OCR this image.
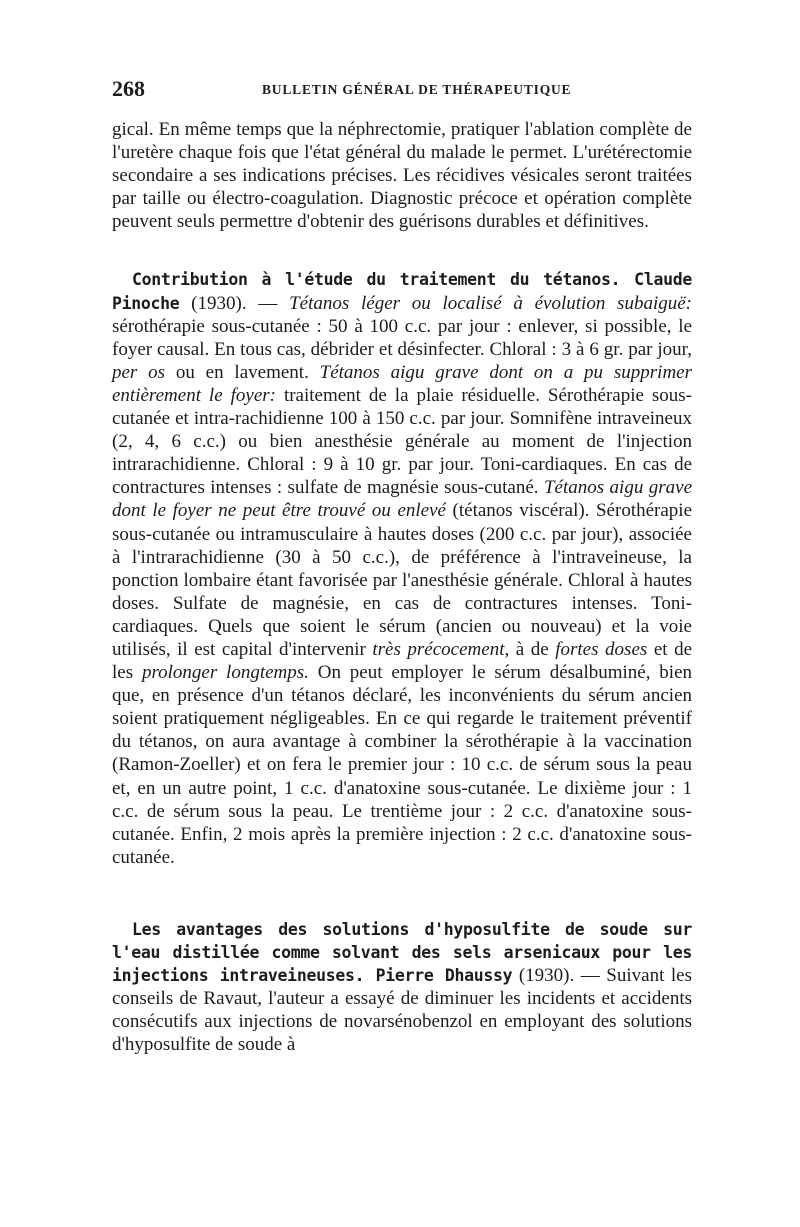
268	BULLETIN GÉNÉRAL DE THÉRAPEUTIQUE

gical. En même temps que la néphrectomie, pratiquer l'ablation complète de l'uretère chaque fois que l'état général du malade le permet. L'urétérectomie secondaire a ses indications précises. Les récidives vésicales seront traitées par taille ou électro-coagulation. Diagnostic précoce et opération complète peuvent seuls permettre d'obtenir des guérisons durables et définitives.

Contribution à l'étude du traitement du tétanos. Claude Pinoche (1930). — Tétanos léger ou localisé à évolution subaiguë: sérothérapie sous-cutanée : 50 à 100 c.c. par jour : enlever, si possible, le foyer causal. En tous cas, débrider et désinfecter. Chloral : 3 à 6 gr. par jour, per os ou en lavement. Tétanos aigu grave dont on a pu supprimer entièrement le foyer: traitement de la plaie résiduelle. Sérothérapie sous-cutanée et intra-rachidienne 100 à 150 c.c. par jour. Somnifène intraveineux (2, 4, 6 c.c.) ou bien anesthésie générale au moment de l'injection intrarachidienne. Chloral : 9 à 10 gr. par jour. Toni-cardiaques. En cas de contractures intenses : sulfate de magnésie sous-cutané. Tétanos aigu grave dont le foyer ne peut être trouvé ou enlevé (tétanos viscéral). Sérothérapie sous-cutanée ou intramusculaire à hautes doses (200 c.c. par jour), associée à l'intrarachidienne (30 à 50 c.c.), de préférence à l'intraveineuse, la ponction lombaire étant favorisée par l'anesthésie générale. Chloral à hautes doses. Sulfate de magnésie, en cas de contractures intenses. Toni-cardiaques. Quels que soient le sérum (ancien ou nouveau) et la voie utilisés, il est capital d'intervenir très précocement, à de fortes doses et de les prolonger longtemps. On peut employer le sérum désalbuminé, bien que, en présence d'un tétanos déclaré, les inconvénients du sérum ancien soient pratiquement négligeables. En ce qui regarde le traitement préventif du tétanos, on aura avantage à combiner la sérothérapie à la vaccination (Ramon-Zoeller) et on fera le premier jour : 10 c.c. de sérum sous la peau et, en un autre point, 1 c.c. d'anatoxine sous-cutanée. Le dixième jour : 1 c.c. de sérum sous la peau. Le trentième jour : 2 c.c. d'anatoxine sous-cutanée. Enfin, 2 mois après la première injection : 2 c.c. d'anatoxine sous-cutanée.

Les avantages des solutions d'hyposulfite de soude sur l'eau distillée comme solvant des sels arsenicaux pour les injections intraveineuses. Pierre Dhaussy (1930). — Suivant les conseils de Ravaut, l'auteur a essayé de diminuer les incidents et accidents consécutifs aux injections de novarsénobenzol en employant des solutions d'hyposulfite de soude à
